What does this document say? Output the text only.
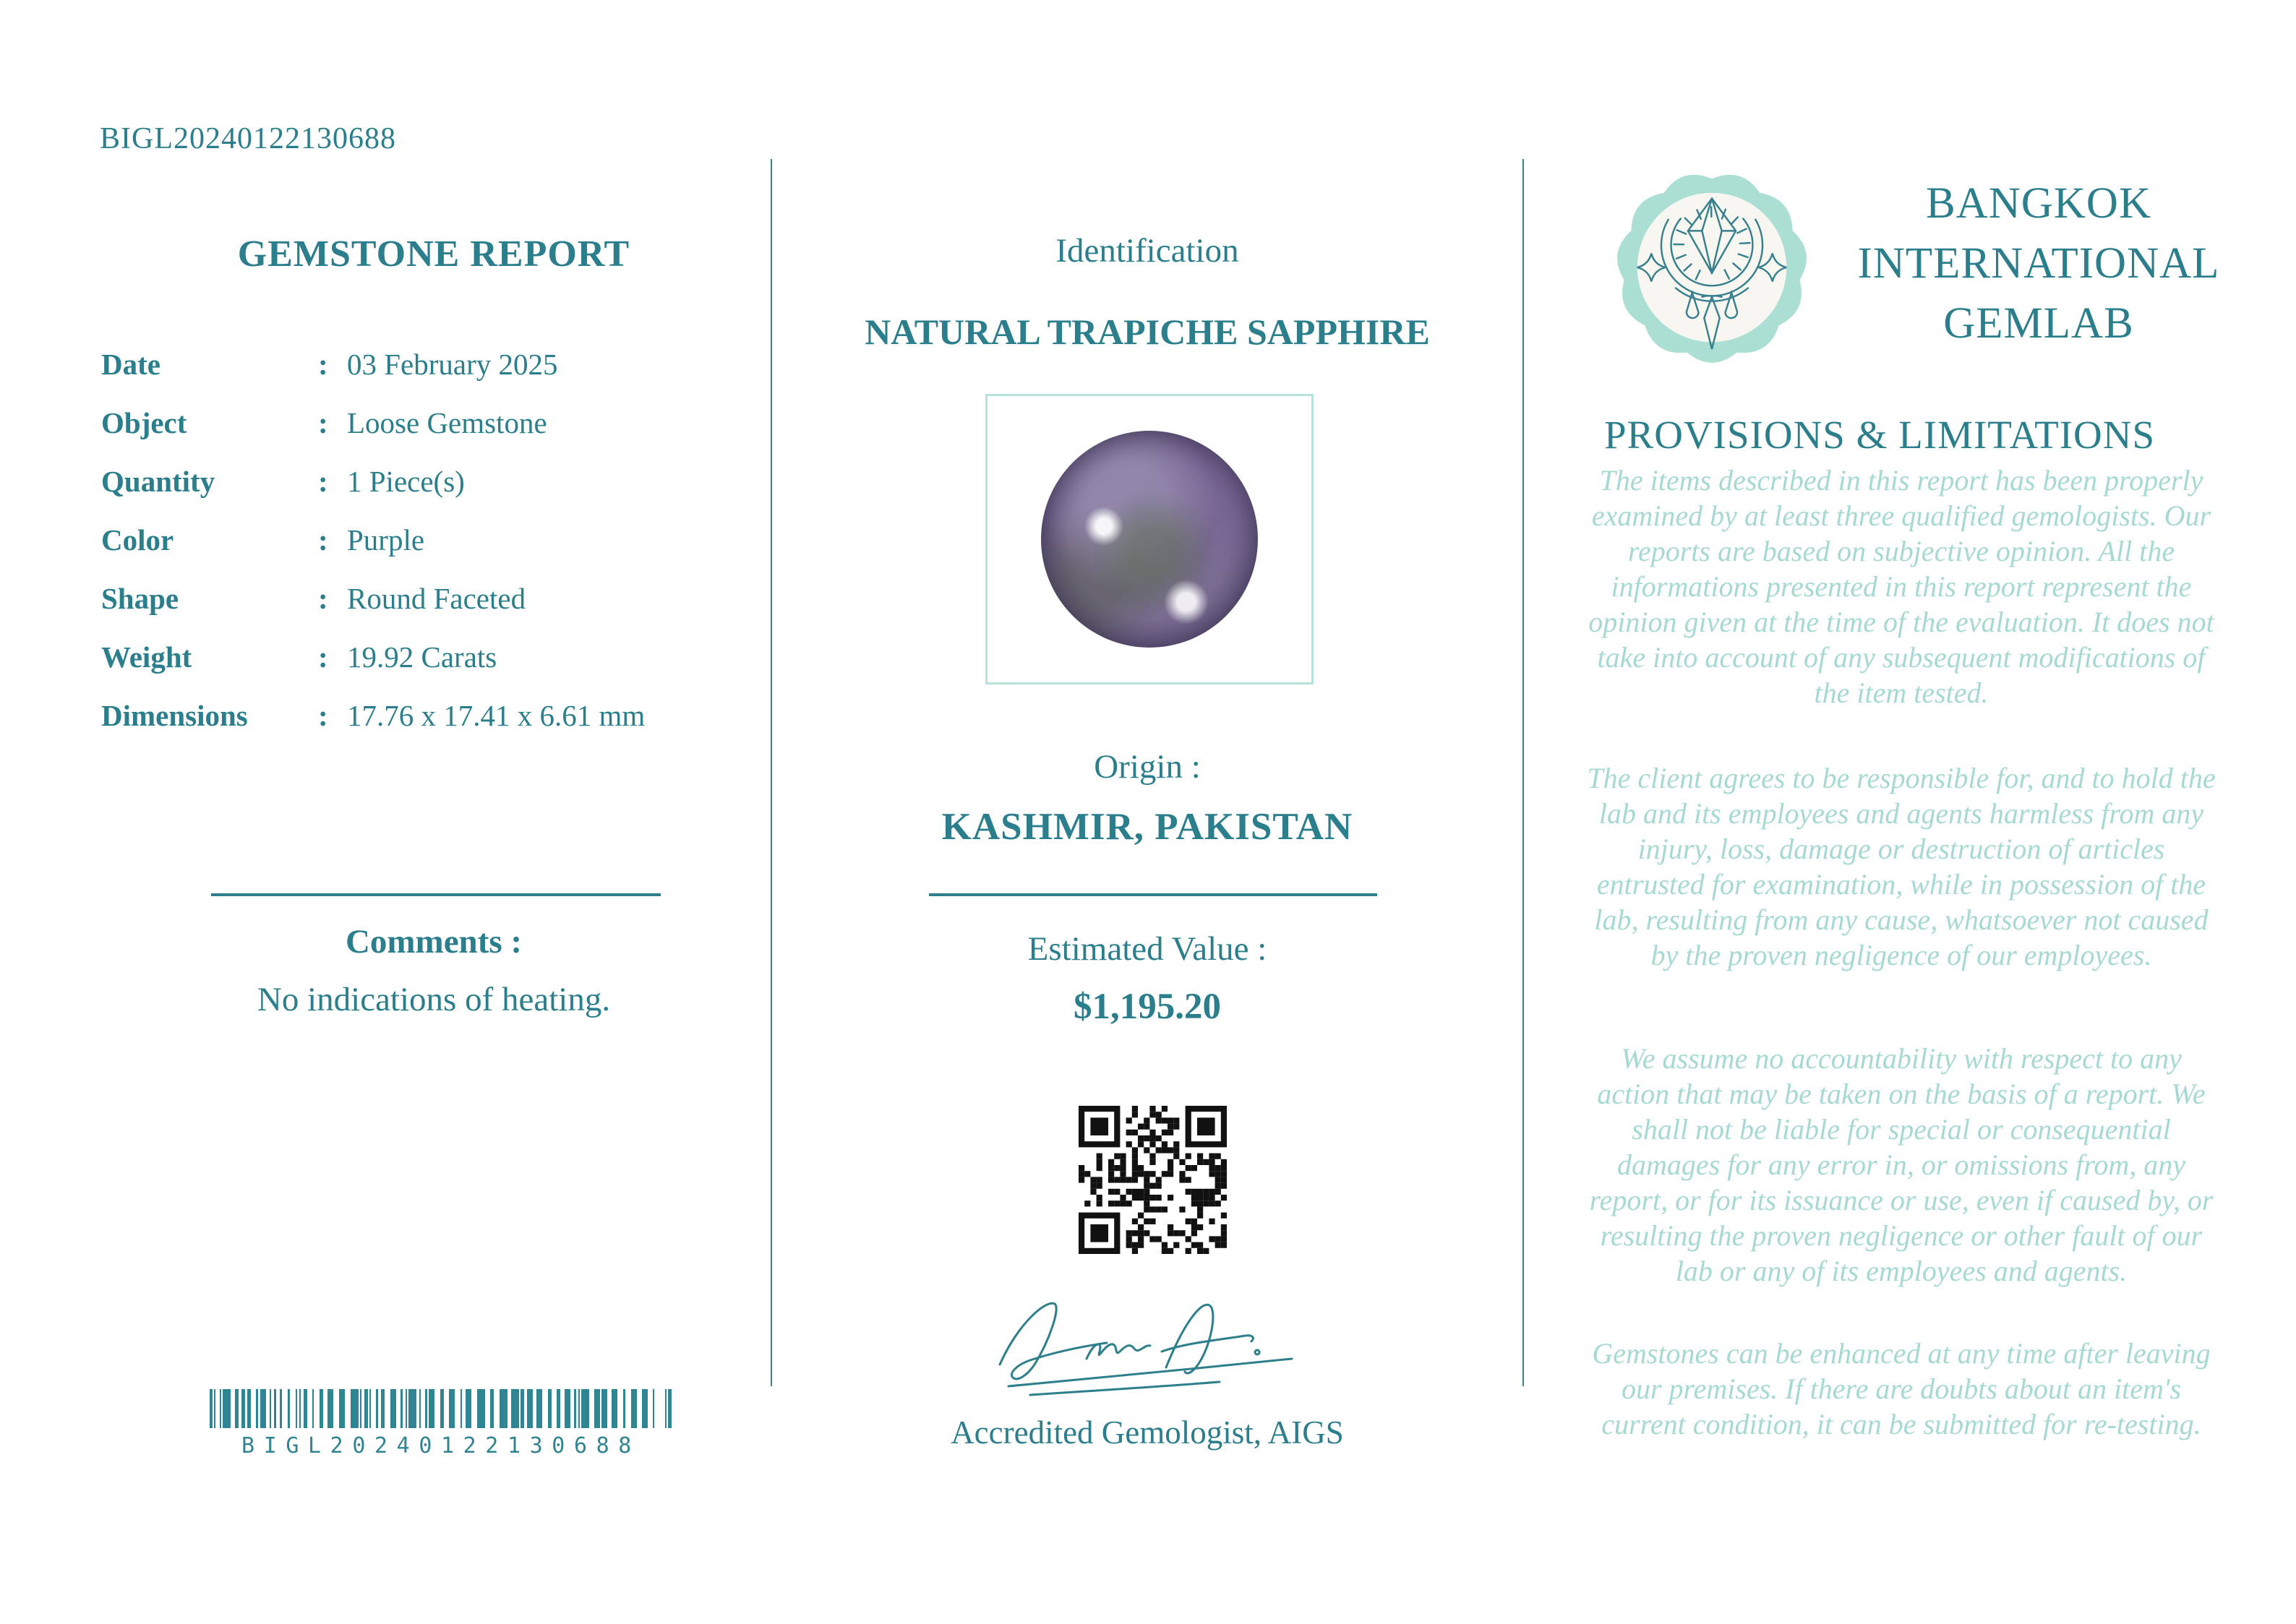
BIGL20240122130688
GEMSTONE REPORT
Date	: 03 February 2025
Object	: Loose Gemstone
Quantity	: 1 Piece(s)
Color	: Purple
Shape	: Round Faceted
Weight	: 19.92 Carats
Dimensions	: 17.76 x 17.41 x 6.61 mm
Comments :
No indications of heating.
BIGL20240122130688
Identification
NATURAL TRAPICHE SAPPHIRE
Origin :
KASHMIR, PAKISTAN
Estimated Value :
$1,195.20
Accredited Gemologist, AIGS
BANGKOK
INTERNATIONAL
GEMLAB
PROVISIONS & LIMITATIONS
The items described in this report has been properly examined by at least three qualified gemologists. Our reports are based on subjective opinion. All the informations presented in this report represent the opinion given at the time of the evaluation. It does not take into account of any subsequent modifications of the item tested.
The client agrees to be responsible for, and to hold the lab and its employees and agents harmless from any injury, loss, damage or destruction of articles entrusted for examination, while in possession of the lab, resulting from any cause, whatsoever not caused by the proven negligence of our employees.
We assume no accountability with respect to any action that may be taken on the basis of a report. We shall not be liable for special or consequential damages for any error in, or omissions from, any report, or for its issuance or use, even if caused by, or resulting the proven negligence or other fault of our lab or any of its employees and agents.
Gemstones can be enhanced at any time after leaving our premises. If there are doubts about an item's current condition, it can be submitted for re-testing.
